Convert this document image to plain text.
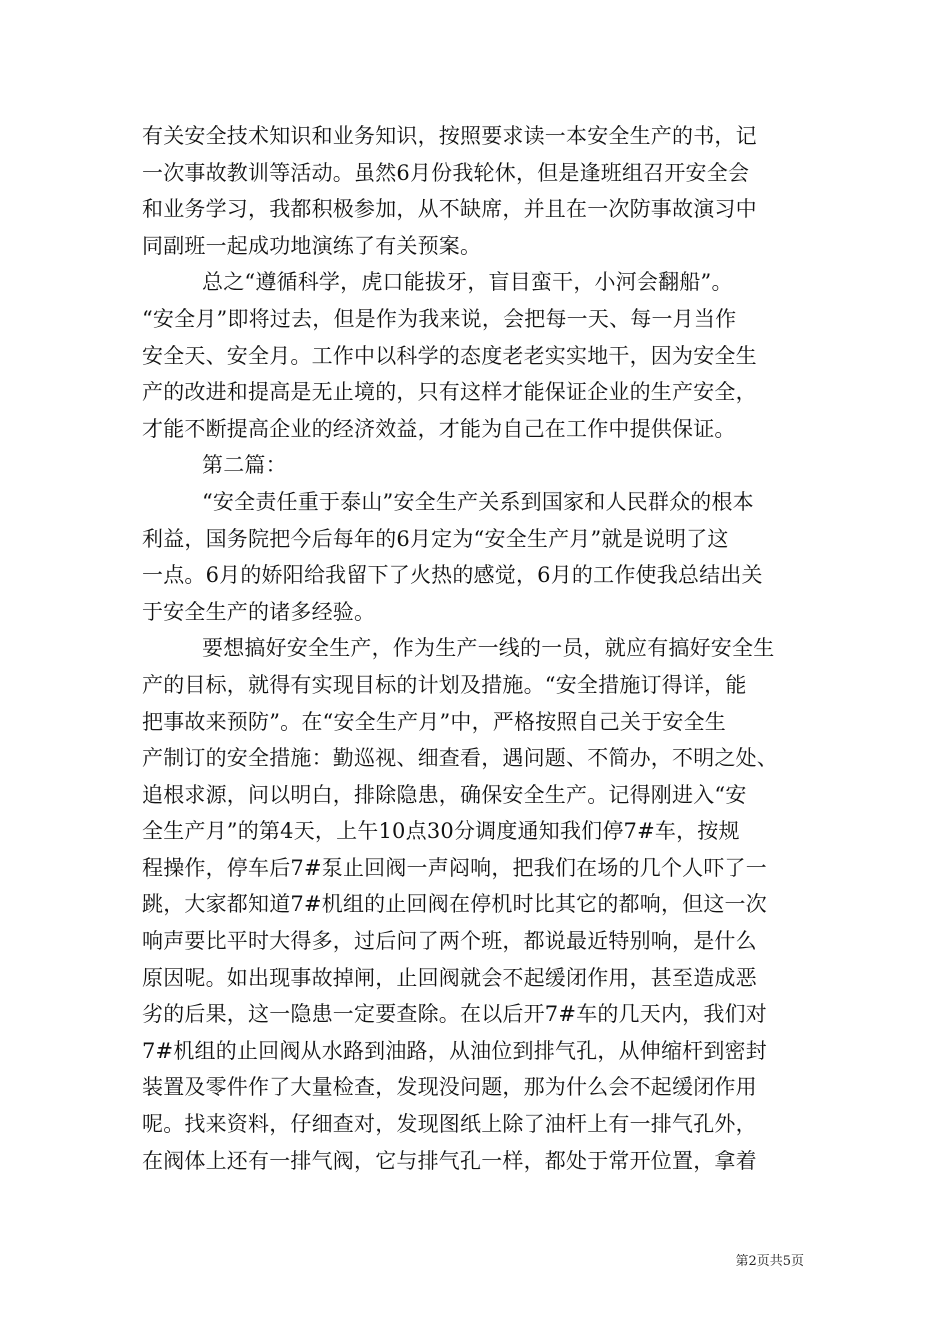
有关安全技术知识和业务知识，按照要求读一本安全生产的书，记
一次事故教训等活动。虽然6月份我轮休，但是逢班组召开安全会
和业务学习，我都积极参加，从不缺席，并且在一次防事故演习中
同副班一起成功地演练了有关预案。
总之“遵循科学，虎口能拔牙，盲目蛮干，小河会翻船”。
“安全月”即将过去，但是作为我来说，会把每一天、每一月当作
安全天、安全月。工作中以科学的态度老老实实地干，因为安全生
产的改进和提高是无止境的，只有这样才能保证企业的生产安全，
才能不断提高企业的经济效益，才能为自己在工作中提供保证。
第二篇：
“安全责任重于泰山”安全生产关系到国家和人民群众的根本
利益，国务院把今后每年的6月定为“安全生产月”就是说明了这
一点。6月的娇阳给我留下了火热的感觉，6月的工作使我总结出关
于安全生产的诸多经验。
要想搞好安全生产，作为生产一线的一员，就应有搞好安全生
产的目标，就得有实现目标的计划及措施。“安全措施订得详，能
把事故来预防”。在“安全生产月”中，严格按照自己关于安全生
产制订的安全措施：勤巡视、细查看，遇问题、不简办，不明之处、
追根求源，问以明白，排除隐患，确保安全生产。记得刚进入“安
全生产月”的第4天，上午10点30分调度通知我们停7#车，按规
程操作，停车后7#泵止回阀一声闷响，把我们在场的几个人吓了一
跳，大家都知道7#机组的止回阀在停机时比其它的都响，但这一次
响声要比平时大得多，过后问了两个班，都说最近特别响，是什么
原因呢。如出现事故掉闸，止回阀就会不起缓闭作用，甚至造成恶
劣的后果，这一隐患一定要查除。在以后开7#车的几天内，我们对
7#机组的止回阀从水路到油路，从油位到排气孔，从伸缩杆到密封
装置及零件作了大量检查，发现没问题，那为什么会不起缓闭作用
呢。找来资料，仔细查对，发现图纸上除了油杆上有一排气孔外，
在阀体上还有一排气阀，它与排气孔一样，都处于常开位置，拿着
第2页共5页
